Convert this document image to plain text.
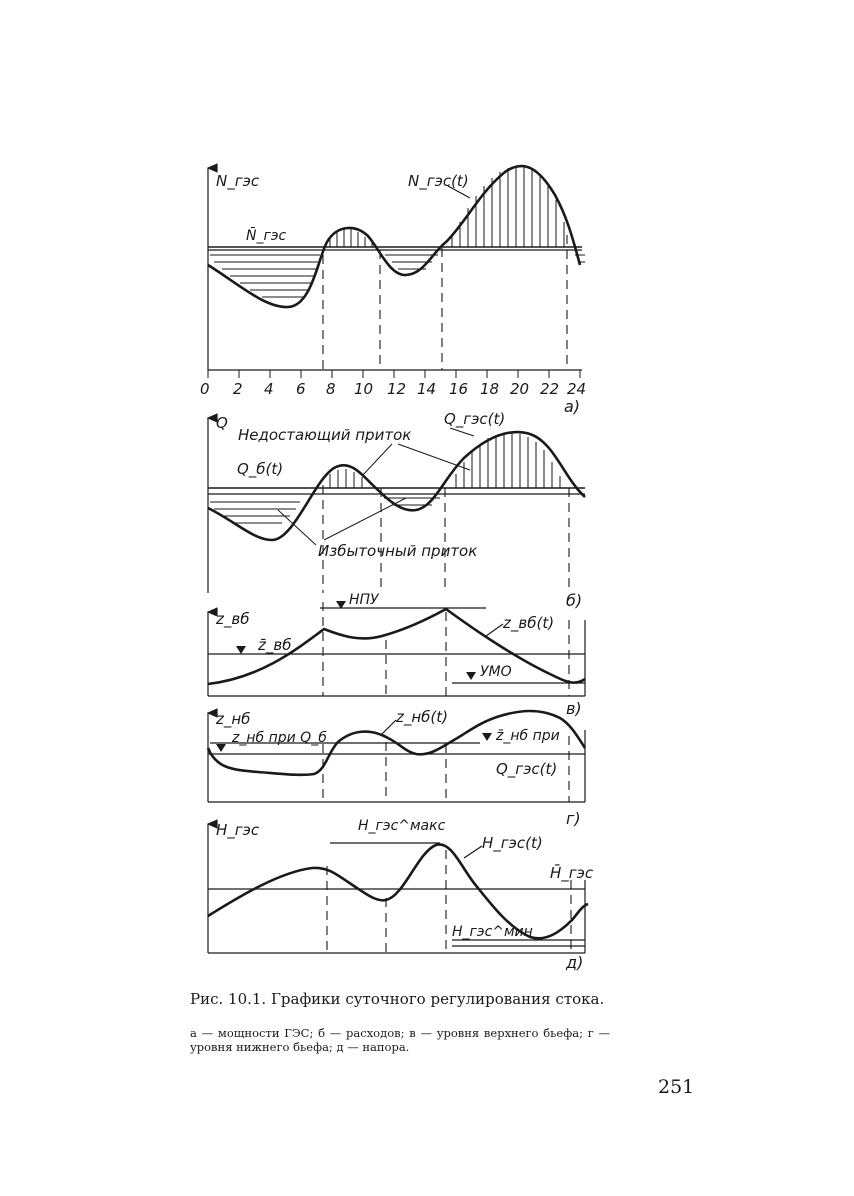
0 2 4 6 8 10 12 14 16 18 20 22 24
N_гэс
N̄_гэс
N_гэс(t)
а)
Q
Недостающий приток
Q_гэс(t)
Q_б(t)
Избыточный приток
б)
z_вб
НПУ
z̄_вб
z_вб(t)
УМО
в)
z_нб
z_нб при Q_б
z_нб(t)
z̄_нб при
Q_гэс(t)
г)
H_гэс	H_гэс^макс
H_гэс(t)
H̄_гэс
H_гэс^мин
д)
Рис. 10.1. Графики суточного регулирования стока.
а — мощности ГЭС; б — расходов; в — уровня верхнего бьефа; г — уровня нижнего бьефа; д — напора.
251
